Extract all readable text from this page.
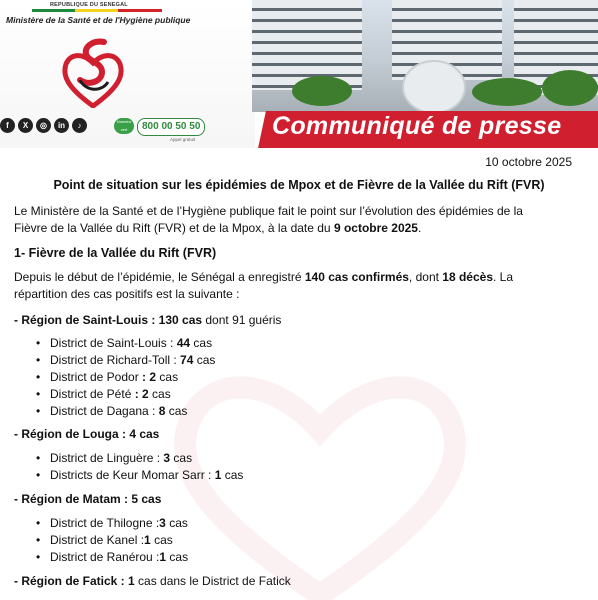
REPUBLIQUE DU SENEGAL
Ministère de la Santé et de l'Hygiène publique
f	X	◎	in	♪	Numéro vert	800 00 50 50
Appel gratuit	Communiqué de presse
10 octobre 2025
Point de situation sur les épidémies de Mpox et de Fièvre de la Vallée du Rift (FVR)
Le Ministère de la Santé et de l’Hygiène publique fait le point sur l’évolution des épidémies de la
Fièvre de la Vallée du Rift (FVR) et de la Mpox, à la date du 9 octobre 2025.
1- Fièvre de la Vallée du Rift (FVR)
Depuis le début de l’épidémie, le Sénégal a enregistré 140 cas confirmés, dont 18 décès. La
répartition des cas positifs est la suivante :
- Région de Saint-Louis : 130 cas dont 91 guéris
• District de Saint-Louis : 44 cas
• District de Richard-Toll : 74 cas
• District de Podor : 2 cas
• District de Pété : 2 cas
• District de Dagana : 8 cas
- Région de Louga : 4 cas
• District de Linguère : 3 cas
• Districts de Keur Momar Sarr : 1 cas
- Région de Matam : 5 cas
• District de Thilogne :3 cas
• District de Kanel :1 cas
• District de Ranérou :1 cas
- Région de Fatick : 1 cas dans le District de Fatick
